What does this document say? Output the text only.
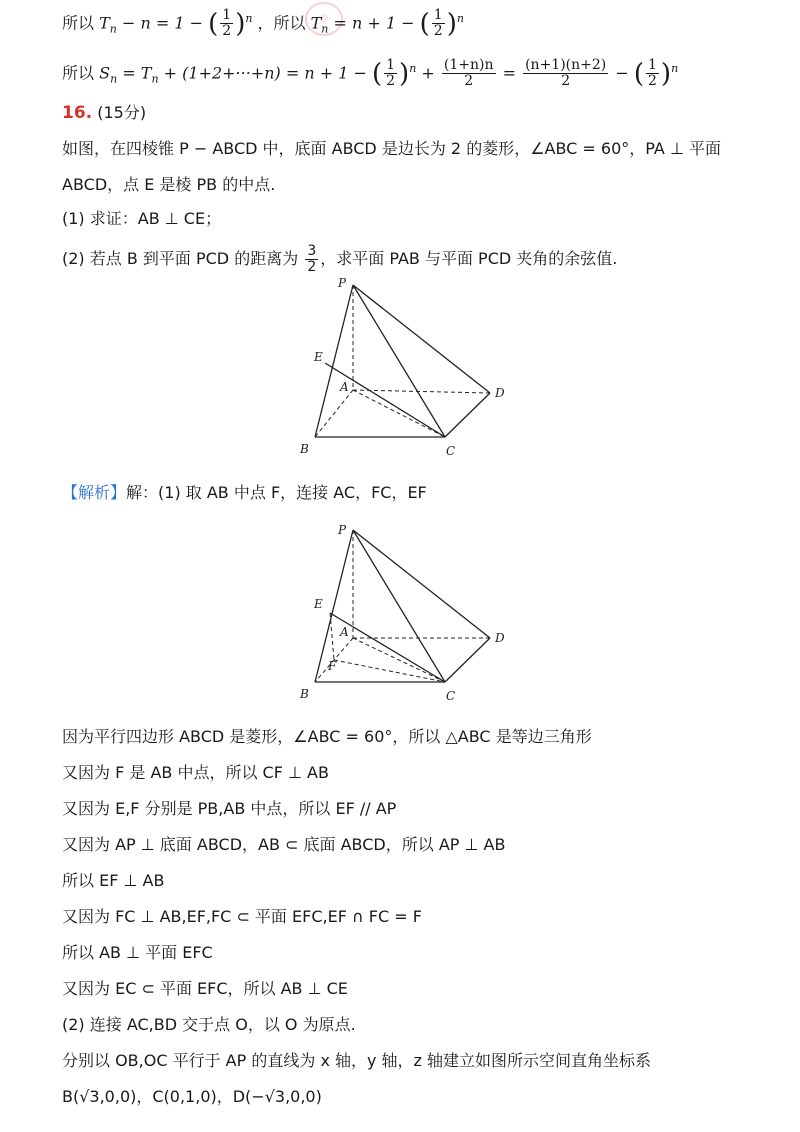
◎
所以 $T_n - n = 1$ − ( $\frac{1}{2} )^n$ ，所以 $T_n = n + 1$ − ( $\frac{1}{2} )^n$
所以 $S_n = T_n + (1+2+\cdot\cdot\cdot+n) = n + 1$ − ( $\frac{1}{2} )^n + \frac{(1+n)n}{2} = \frac{(n+1)(n+2)}{2}$ − ( $\frac{1}{2} )^n$
16. (15分)
如图，在四棱锥 P − ABCD 中，底面 ABCD 是边长为 2 的菱形，∠ABC = 60°，PA ⊥ 平面
ABCD，点 E 是棱 PB 的中点.
(1) 求证：AB ⊥ CE；
(2) 若点 B 到平面 PCD 的距离为 $\frac{3}{2}$ ，求平面 PAB 与平面 PCD 夹角的余弦值.
P
E
A	D
B	C
【解析】解：(1) 取 AB 中点 F，连接 AC，FC，EF
P
E
A
F
D
B	C
因为平行四边形 ABCD 是菱形，∠ABC = 60°，所以 △ABC 是等边三角形
又因为 F 是 AB 中点，所以 CF ⊥ AB
又因为 E,F 分别是 PB,AB 中点，所以 EF // AP
又因为 AP ⊥ 底面 ABCD，AB ⊂ 底面 ABCD，所以 AP ⊥ AB
所以 EF ⊥ AB
又因为 FC ⊥ AB,EF,FC ⊂ 平面 EFC,EF ∩ FC = F
所以 AB ⊥ 平面 EFC
又因为 EC ⊂ 平面 EFC，所以 AB ⊥ CE
(2) 连接 AC,BD 交于点 O，以 O 为原点.
分别以 OB,OC 平行于 AP 的直线为 x 轴，y 轴，z 轴建立如图所示空间直角坐标系
B(√3,0,0)，C(0,1,0)，D(−√3,0,0)
